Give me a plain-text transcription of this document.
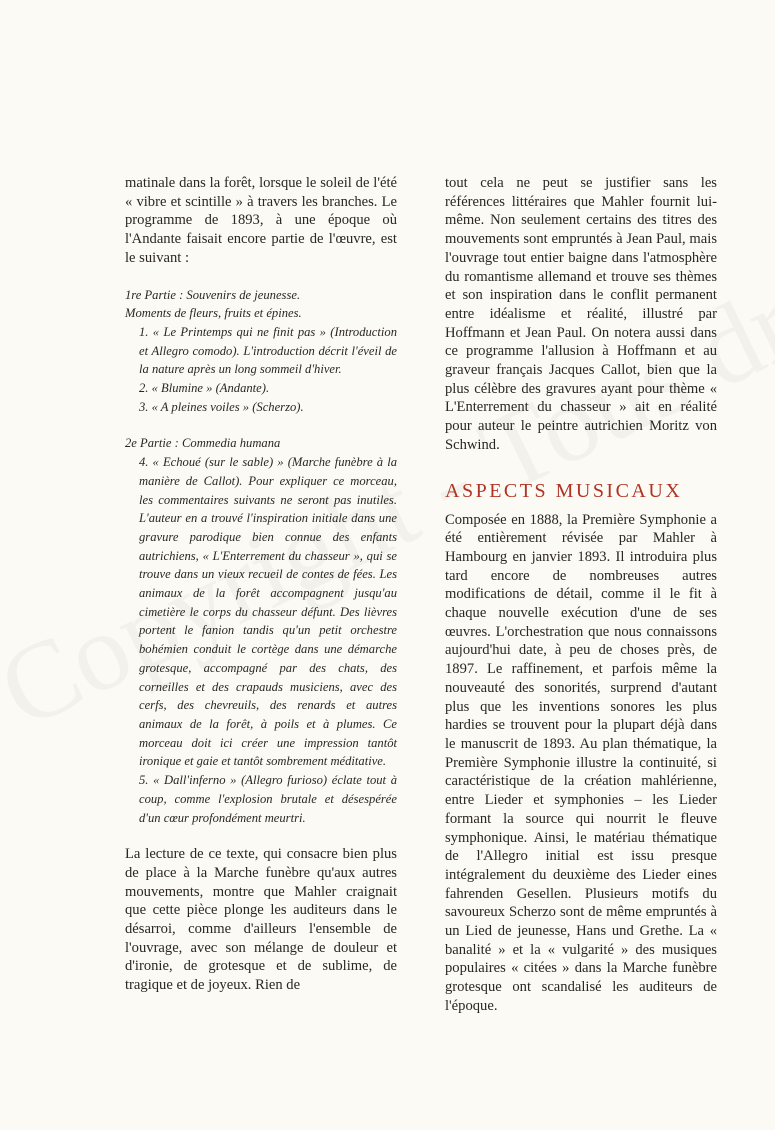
matinale dans la forêt, lorsque le soleil de l'été « vibre et scintille » à travers les branches. Le programme de 1893, à une époque où l'Andante faisait encore partie de l'œuvre, est le suivant :

1re Partie : Souvenirs de jeunesse.

Moments de fleurs, fruits et épines.

1. « Le Printemps qui ne finit pas » (Introduction et Allegro comodo). L'introduction décrit l'éveil de la nature après un long sommeil d'hiver.

2. « Blumine » (Andante).

3. « A pleines voiles » (Scherzo).

2e Partie : Commedia humana

4. « Echoué (sur le sable) » (Marche funèbre à la manière de Callot). Pour expliquer ce morceau, les commentaires suivants ne seront pas inutiles. L'auteur en a trouvé l'inspiration initiale dans une gravure parodique bien connue des enfants autrichiens, « L'Enterrement du chasseur », qui se trouve dans un vieux recueil de contes de fées. Les animaux de la forêt accompagnent jusqu'au cimetière le corps du chasseur défunt. Des lièvres portent le fanion tandis qu'un petit orchestre bohémien conduit le cortège dans une démarche grotesque, accompagné par des chats, des corneilles et des crapauds musiciens, avec des cerfs, des chevreuils, des renards et autres animaux de la forêt, à poils et à plumes. Ce morceau doit ici créer une impression tantôt ironique et gaie et tantôt sombrement méditative.

5. « Dall'inferno » (Allegro furioso) éclate tout à coup, comme l'explosion brutale et désespérée d'un cœur profondément meurtri.

La lecture de ce texte, qui consacre bien plus de place à la Marche funèbre qu'aux autres mouvements, montre que Mahler craignait que cette pièce plonge les auditeurs dans le désarroi, comme d'ailleurs l'ensemble de l'ouvrage, avec son mélange de douleur et d'ironie, de grotesque et de sublime, de tragique et de joyeux. Rien de

tout cela ne peut se justifier sans les références littéraires que Mahler fournit lui-même. Non seulement certains des titres des mouvements sont empruntés à Jean Paul, mais l'ouvrage tout entier baigne dans l'atmosphère du romantisme allemand et trouve ses thèmes et son inspiration dans le conflit permanent entre idéalisme et réalité, illustré par Hoffmann et Jean Paul. On notera aussi dans ce programme l'allusion à Hoffmann et au graveur français Jacques Callot, bien que la plus célèbre des gravures ayant pour thème « L'Enterrement du chasseur » ait en réalité pour auteur le peintre autrichien Moritz von Schwind.

ASPECTS MUSICAUX

Composée en 1888, la Première Symphonie a été entièrement révisée par Mahler à Hambourg en janvier 1893. Il introduira plus tard encore de nombreuses autres modifications de détail, comme il le fit à chaque nouvelle exécution d'une de ses œuvres. L'orchestration que nous connaissons aujourd'hui date, à peu de choses près, de 1897. Le raffinement, et parfois même la nouveauté des sonorités, surprend d'autant plus que les inventions sonores les plus hardies se trouvent pour la plupart déjà dans le manuscrit de 1893. Au plan thématique, la Première Symphonie illustre la continuité, si caractéristique de la création mahlérienne, entre Lieder et symphonies – les Lieder formant la source qui nourrit le fleuve symphonique. Ainsi, le matériau thématique de l'Allegro initial est issu presque intégralement du deuxième des Lieder eines fahrenden Gesellen. Plusieurs motifs du savoureux Scherzo sont de même empruntés à un Lied de jeunesse, Hans und Grethe. La « banalité » et la « vulgarité » des musiques populaires « citées » dans la Marche funèbre grotesque ont scandalisé les auditeurs de l'époque.
